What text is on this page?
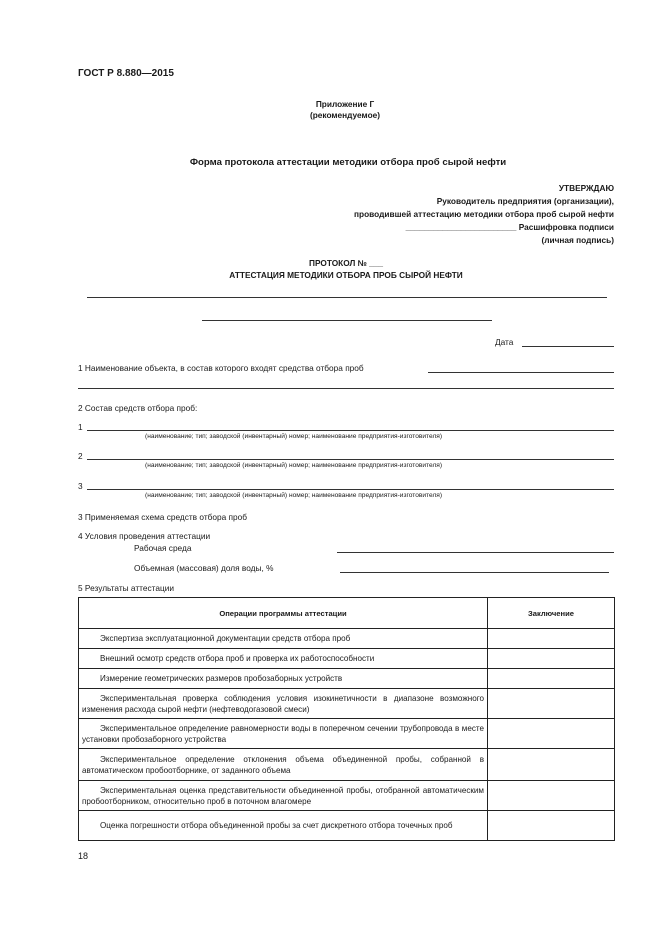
ГОСТ Р 8.880—2015
Приложение Г
(рекомендуемое)
Форма протокола аттестации методики отбора проб сырой нефти
УТВЕРЖДАЮ
Руководитель предприятия (организации),
проводившей аттестацию методики отбора проб сырой нефти
________________________ Расшифровка подписи
(личная подпись)
ПРОТОКОЛ № ___
АТТЕСТАЦИЯ МЕТОДИКИ ОТБОРА ПРОБ СЫРОЙ НЕФТИ
Дата
1 Наименование объекта, в состав которого входят средства отбора проб
2 Состав средств отбора проб:
1
(наименование; тип; заводской (инвентарный) номер; наименование предприятия-изготовителя)
2
(наименование; тип; заводской (инвентарный) номер; наименование предприятия-изготовителя)
3
(наименование; тип; заводской (инвентарный) номер; наименование предприятия-изготовителя)
3 Применяемая схема средств отбора проб
4 Условия проведения аттестации
Рабочая среда
Объемная (массовая) доля воды, %
5 Результаты аттестации
Операции программы аттестации	Заключение
Экспертиза эксплуатационной документации средств отбора проб	
Внешний осмотр средств отбора проб и проверка их работоспособности	
Измерение геометрических размеров пробозаборных устройств	
Экспериментальная проверка соблюдения условия изокинетичности в диапазоне возможного изменения расхода сырой нефти (нефтеводогазовой смеси)	
Экспериментальное определение равномерности воды в поперечном сечении трубопровода в месте установки пробозаборного устройства	
Экспериментальное определение отклонения объема объединенной пробы, собранной в автоматическом пробоотборнике, от заданного объема	
Экспериментальная оценка представительности объединенной пробы, отобранной автоматическим пробоотборником, относительно проб в поточном влагомере	
Оценка погрешности отбора объединенной пробы за счет дискретного отбора точечных проб	
18
